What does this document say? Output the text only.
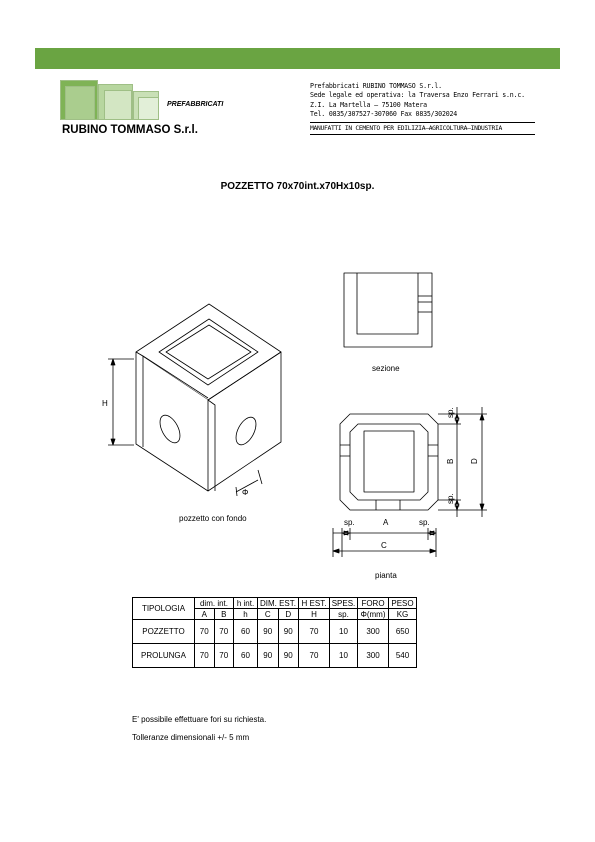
PREFABBRICATI
RUBINO TOMMASO S.r.l.
Prefabbricati RUBINO TOMMASO S.r.l.
Sede legale ed operativa: la Traversa Enzo Ferrari s.n.c.
Z.I. La Martella — 75100 Matera
Tel. 0835/307527-307060 Fax 0835/302024
MANUFATTI IN CEMENTO PER EDILIZIA—AGRICOLTURA—INDUSTRIA
POZZETTO 70x70int.x70Hx10sp.
H
Φ
pozzetto con fondo
sezione
sp.	A	sp.
C
pianta
sp.
B
sp.
D
TIPOLOGIA	dim. int.		h int.	DIM. EST.		H EST.	SPES.	FORO	PESO
	A	B	h	C	D	H	sp.	Φ(mm)	KG
POZZETTO	70	70	60	90	90	70	10	300	650
PROLUNGA	70	70	60	90	90	70	10	300	540
E' possibile effettuare fori su richiesta.
Tolleranze dimensionali +/- 5 mm
